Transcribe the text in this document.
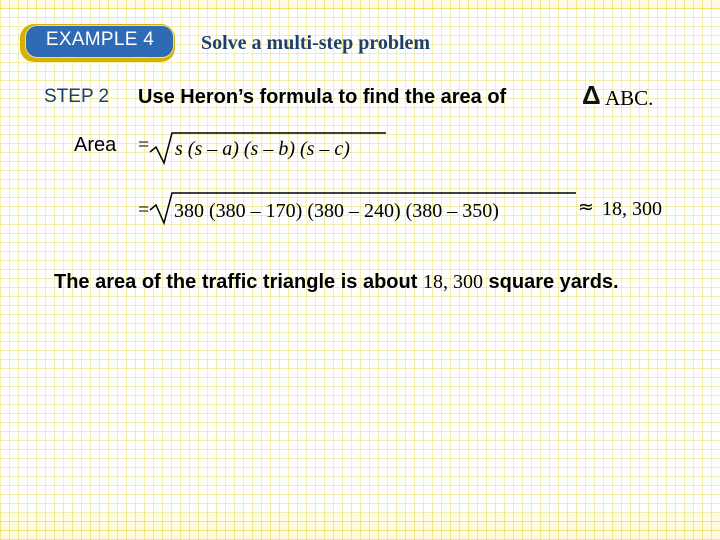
EXAMPLE 4	Solve a multi-step problem
STEP 2 Use Heron’s formula to find the area of	Δ ABC.
Area = s (s – a) (s – b) (s – c)
= 380 (380 – 170) (380 – 240) (380 – 350)	≈ 18, 300
The area of the traffic triangle is about 18, 300 square yards.
